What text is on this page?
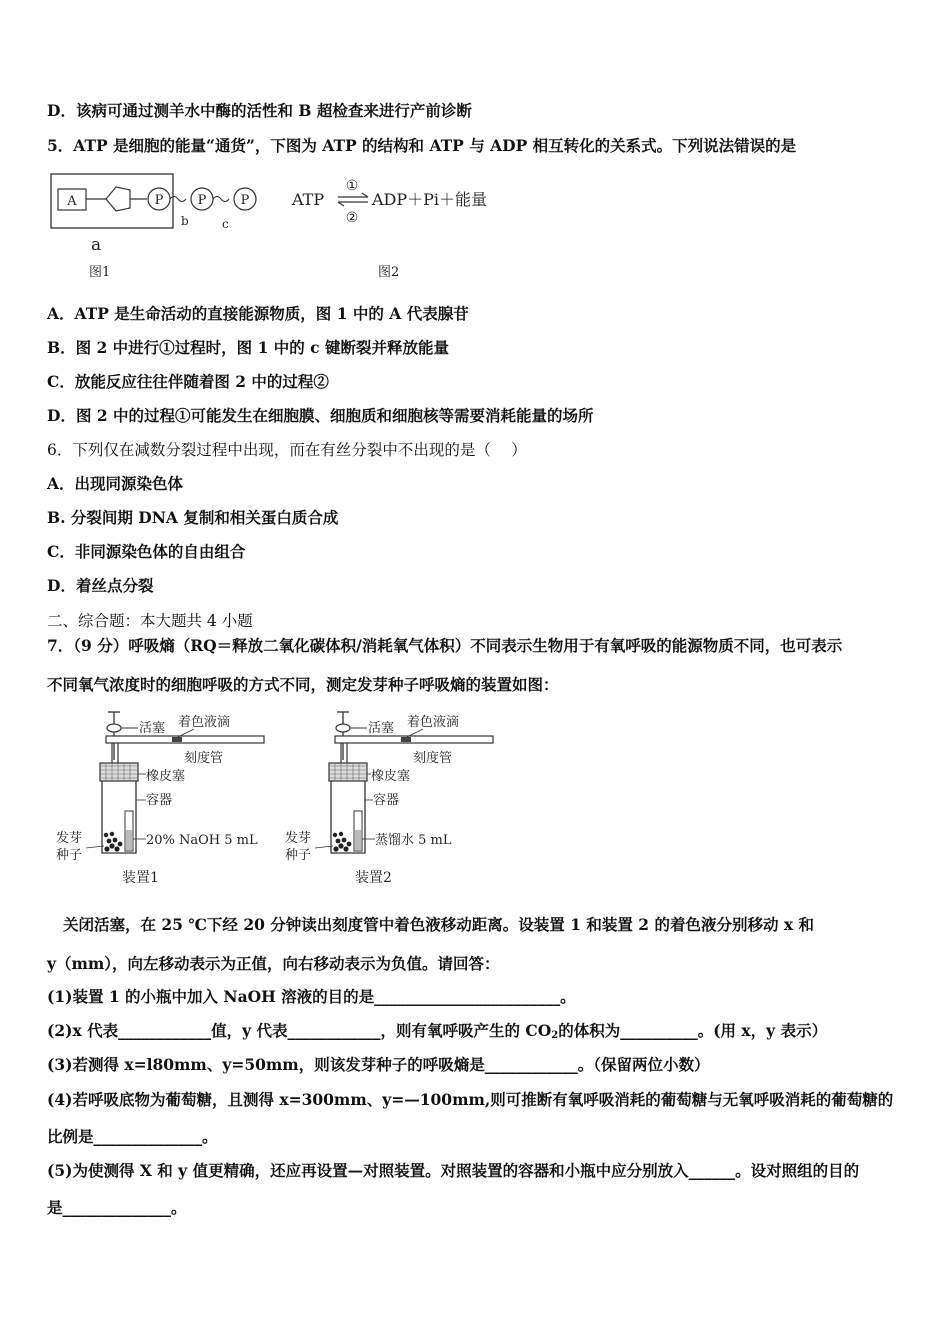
D．该病可通过测羊水中酶的活性和 B 超检查来进行产前诊断
5．ATP 是细胞的能量“通货”，下图为 ATP 的结构和 ATP 与 ADP 相互转化的关系式。下列说法错误的是
A	P	P	P
b	c
a
图1
ATP
①
②
ADP＋Pi＋能量
图2
A．ATP 是生命活动的直接能源物质，图 1 中的 A 代表腺苷
B．图 2 中进行①过程时，图 1 中的 c 键断裂并释放能量
C．放能反应往往伴随着图 2 中的过程②
D．图 2 中的过程①可能发生在细胞膜、细胞质和细胞核等需要消耗能量的场所
6．下列仅在减数分裂过程中出现，而在有丝分裂中不出现的是（　 ）
A．出现同源染色体
B. 分裂间期 DNA 复制和相关蛋白质合成
C．非同源染色体的自由组合
D．着丝点分裂
二、综合题：本大题共 4 小题
7．（9 分）呼吸熵（RQ＝释放二氧化碳体积/消耗氧气体积）不同表示生物用于有氧呼吸的能源物质不同，也可表示
不同氧气浓度时的细胞呼吸的方式不同，测定发芽种子呼吸熵的装置如图：
活塞 着色液滴
刻度管
橡皮塞
容器
20% NaOH 5 mL
发芽
种子
装置1
活塞 着色液滴
刻度管
橡皮塞
容器
蒸馏水 5 mL
发芽
种子
装置2
关闭活塞，在 25 ℃下经 20 分钟读出刻度管中着色液移动距离。设装置 1 和装置 2 的着色液分别移动 x 和
y（mm），向左移动表示为正值，向右移动表示为负值。请回答：
(1)装置 1 的小瓶中加入 NaOH 溶液的目的是________________________。
(2)x 代表____________值，y 代表____________，则有氧呼吸产生的 $CO_2$的体积为__________。(用 x，y 表示）
(3)若测得 x=l80mm、y=50mm，则该发芽种子的呼吸熵是____________。（保留两位小数）
(4)若呼吸底物为葡萄糖，且测得 x=300mm、y=—100mm,则可推断有氧呼吸消耗的葡萄糖与无氧呼吸消耗的葡萄糖的
比例是______________。
(5)为使测得 X 和 y 值更精确，还应再设置—对照装置。对照装置的容器和小瓶中应分别放入______。设对照组的目的
是______________。
